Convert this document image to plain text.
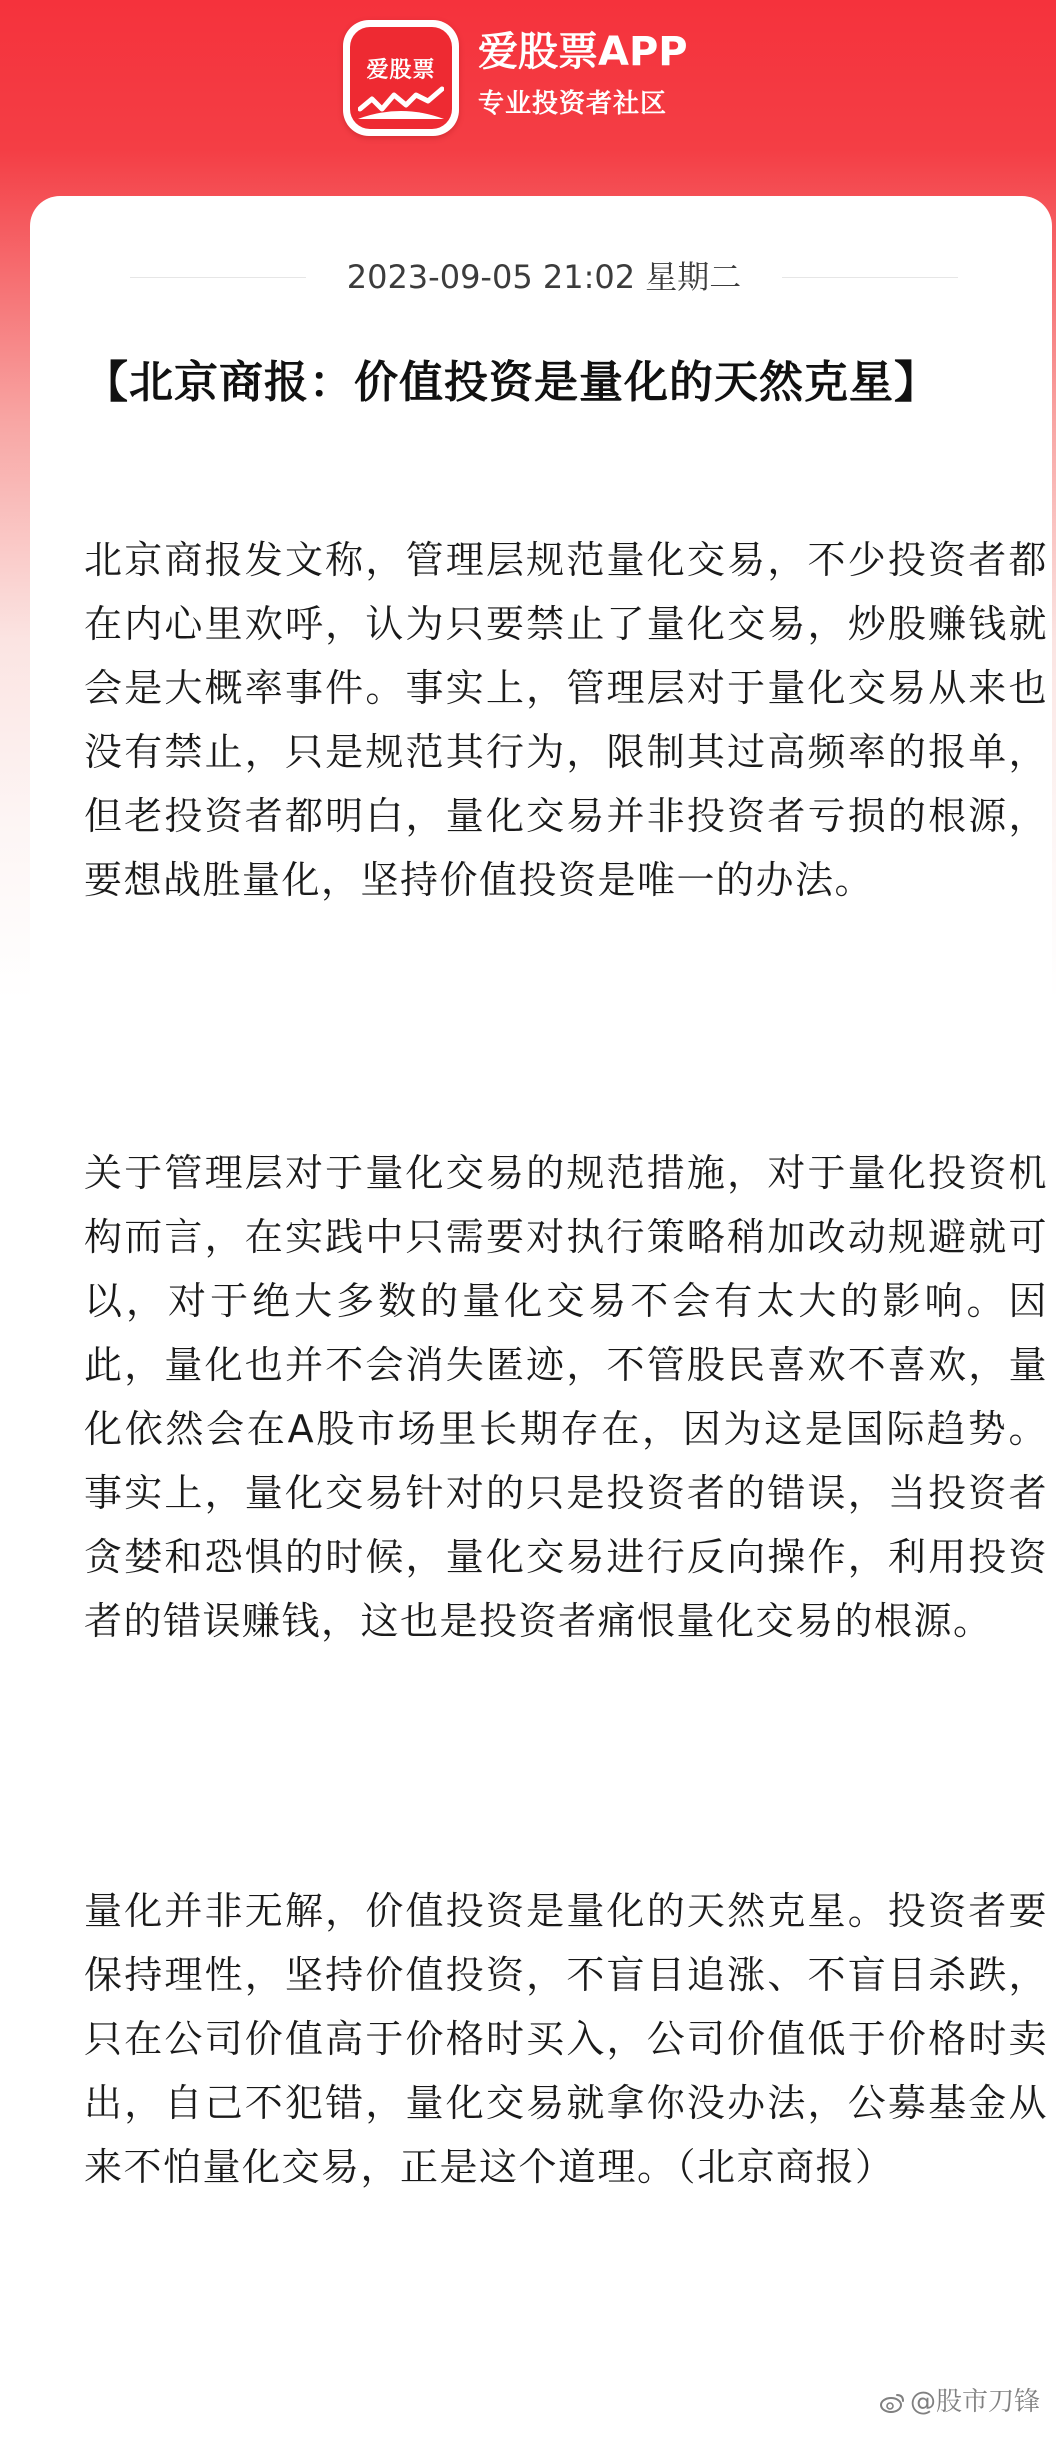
爱股票	爱股票APP
专业投资者社区
2023-09-05 21:02 星期二
【北京商报：价值投资是量化的天然克星】
北京商报发文称，管理层规范量化交易，不少投资者都在内心里欢呼，认为只要禁止了量化交易，炒股赚钱就会是大概率事件。事实上，管理层对于量化交易从来也没有禁止，只是规范其行为，限制其过高频率的报单，但老投资者都明白，量化交易并非投资者亏损的根源，要想战胜量化，坚持价值投资是唯一的办法。
关于管理层对于量化交易的规范措施，对于量化投资机构而言，在实践中只需要对执行策略稍加改动规避就可以，对于绝大多数的量化交易不会有太大的影响。因此，量化也并不会消失匿迹，不管股民喜欢不喜欢，量化依然会在A股市场里长期存在，因为这是国际趋势。事实上，量化交易针对的只是投资者的错误，当投资者贪婪和恐惧的时候，量化交易进行反向操作，利用投资者的错误赚钱，这也是投资者痛恨量化交易的根源。
量化并非无解，价值投资是量化的天然克星。投资者要保持理性，坚持价值投资，不盲目追涨、不盲目杀跌，只在公司价值高于价格时买入，公司价值低于价格时卖出，自己不犯错，量化交易就拿你没办法，公募基金从来不怕量化交易，正是这个道理。（北京商报）
@股市刀锋
